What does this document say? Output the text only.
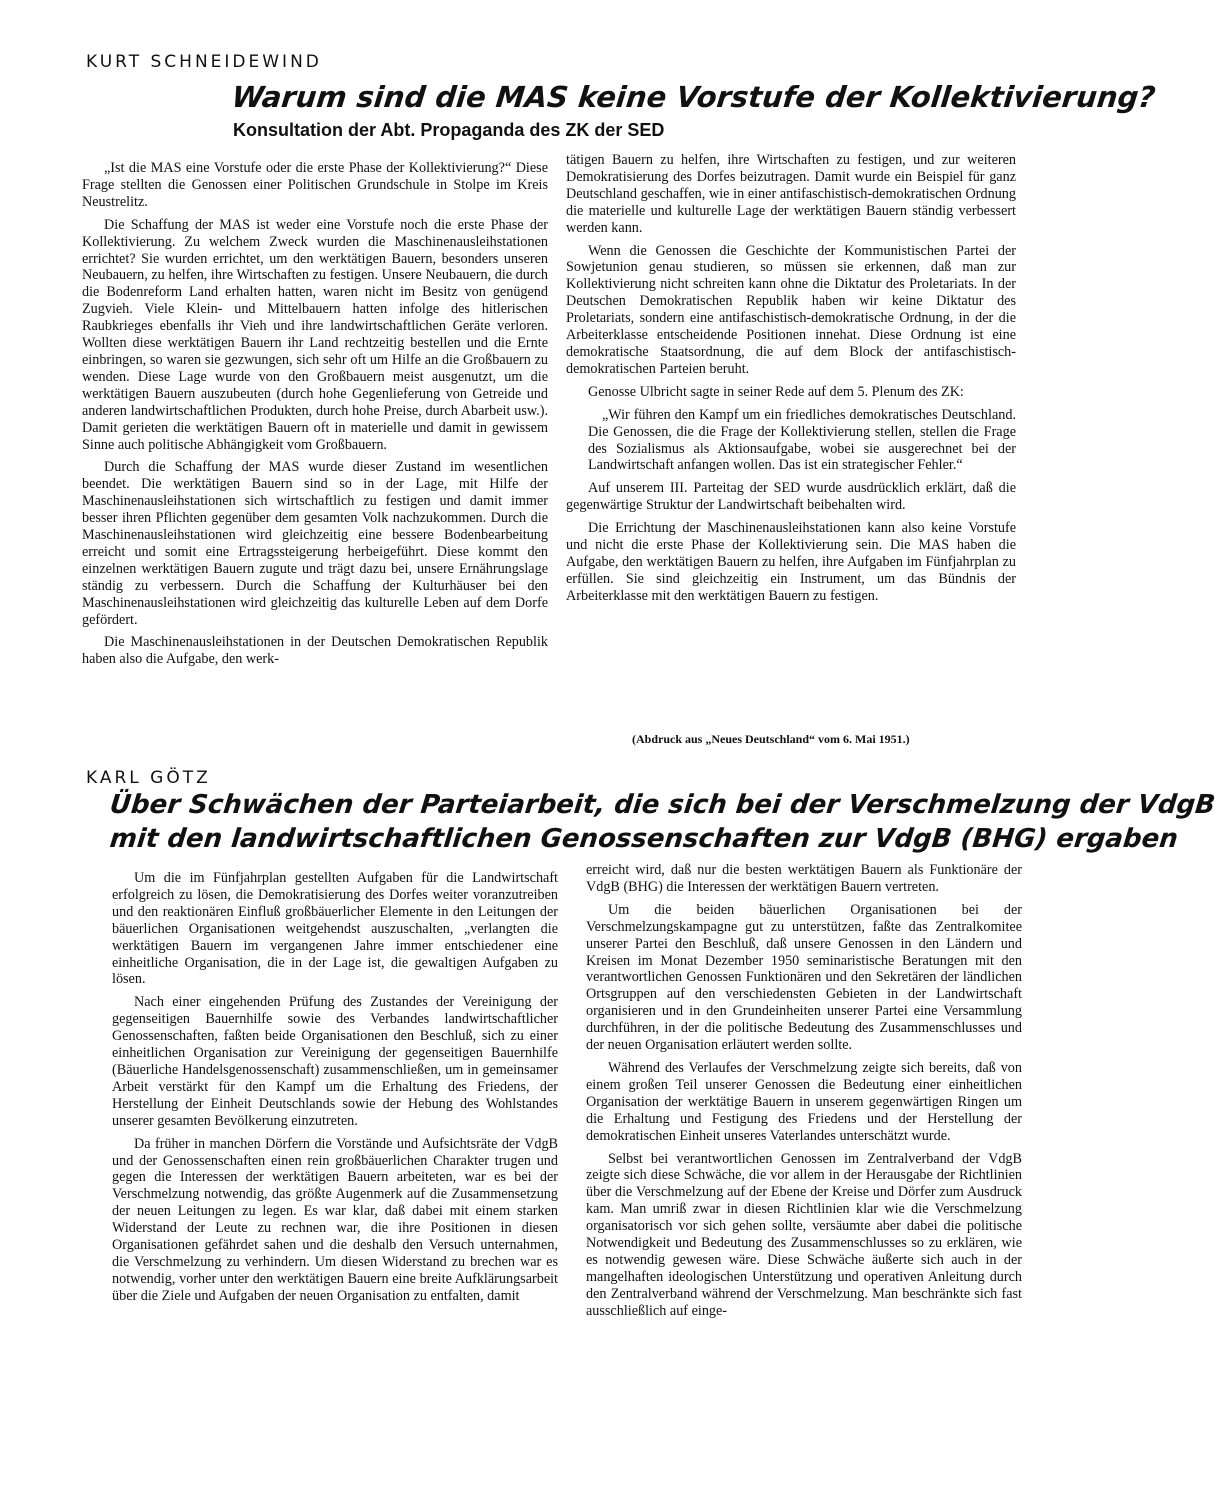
KURT SCHNEIDEWIND
Warum sind die MAS keine Vorstufe der Kollektivierung?
Konsultation der Abt. Propaganda des ZK der SED

„Ist die MAS eine Vorstufe oder die erste Phase der Kollektivierung?“ Diese Frage stellten die Genossen einer Politischen Grundschule in Stolpe im Kreis Neustrelitz.

Die Schaffung der MAS ist weder eine Vorstufe noch die erste Phase der Kollektivierung. Zu welchem Zweck wurden die Maschinenausleihstationen errichtet? Sie wurden errichtet, um den werktätigen Bauern, besonders unseren Neubauern, zu helfen, ihre Wirtschaften zu festigen. Unsere Neubauern, die durch die Bodenreform Land erhalten hatten, waren nicht im Besitz von genügend Zugvieh. Viele Klein- und Mittelbauern hatten infolge des hitlerischen Raubkrieges ebenfalls ihr Vieh und ihre landwirtschaftlichen Geräte verloren. Wollten diese werktätigen Bauern ihr Land rechtzeitig bestellen und die Ernte einbringen, so waren sie gezwungen, sich sehr oft um Hilfe an die Großbauern zu wenden. Diese Lage wurde von den Großbauern meist ausgenutzt, um die werktätigen Bauern auszubeuten (durch hohe Gegenlieferung von Getreide und anderen landwirtschaftlichen Produkten, durch hohe Preise, durch Abarbeit usw.). Damit gerieten die werktätigen Bauern oft in materielle und damit in gewissem Sinne auch politische Abhängigkeit vom Großbauern.

Durch die Schaffung der MAS wurde dieser Zustand im wesentlichen beendet. Die werktätigen Bauern sind so in der Lage, mit Hilfe der Maschinenausleihstationen sich wirtschaftlich zu festigen und damit immer besser ihren Pflichten gegenüber dem gesamten Volk nachzukommen. Durch die Maschinenausleihstationen wird gleichzeitig eine bessere Bodenbearbeitung erreicht und somit eine Ertragssteigerung herbeigeführt. Diese kommt den einzelnen werktätigen Bauern zugute und trägt dazu bei, unsere Ernährungslage ständig zu verbessern. Durch die Schaffung der Kulturhäuser bei den Maschinenausleihstationen wird gleichzeitig das kulturelle Leben auf dem Dorfe gefördert.

Die Maschinenausleihstationen in der Deutschen Demokratischen Republik haben also die Aufgabe, den werk-

tätigen Bauern zu helfen, ihre Wirtschaften zu festigen, und zur weiteren Demokratisierung des Dorfes beizutragen. Damit wurde ein Beispiel für ganz Deutschland geschaffen, wie in einer antifaschistisch-demokratischen Ordnung die materielle und kulturelle Lage der werktätigen Bauern ständig verbessert werden kann.

Wenn die Genossen die Geschichte der Kommunistischen Partei der Sowjetunion genau studieren, so müssen sie erkennen, daß man zur Kollektivierung nicht schreiten kann ohne die Diktatur des Proletariats. In der Deutschen Demokratischen Republik haben wir keine Diktatur des Proletariats, sondern eine antifaschistisch-demokratische Ordnung, in der die Arbeiterklasse entscheidende Positionen innehat. Diese Ordnung ist eine demokratische Staatsordnung, die auf dem Block der antifaschistisch-demokratischen Parteien beruht.

Genosse Ulbricht sagte in seiner Rede auf dem 5. Plenum des ZK:

„Wir führen den Kampf um ein friedliches demokratisches Deutschland. Die Genossen, die die Frage der Kollektivierung stellen, stellen die Frage des Sozialismus als Aktionsaufgabe, wobei sie ausgerechnet bei der Landwirtschaft anfangen wollen. Das ist ein strategischer Fehler.“

Auf unserem III. Parteitag der SED wurde ausdrücklich erklärt, daß die gegenwärtige Struktur der Landwirtschaft beibehalten wird.

Die Errichtung der Maschinenausleihstationen kann also keine Vorstufe und nicht die erste Phase der Kollektivierung sein. Die MAS haben die Aufgabe, den werktätigen Bauern zu helfen, ihre Aufgaben im Fünfjahrplan zu erfüllen. Sie sind gleichzeitig ein Instrument, um das Bündnis der Arbeiterklasse mit den werktätigen Bauern zu festigen.

(Abdruck aus „Neues Deutschland“ vom 6. Mai 1951.)
KARL GÖTZ
Über Schwächen der Parteiarbeit, die sich bei der Verschmelzung der VdgB
mit den landwirtschaftlichen Genossenschaften zur VdgB (BHG) ergaben

Um die im Fünfjahrplan gestellten Aufgaben für die Landwirtschaft erfolgreich zu lösen, die Demokratisierung des Dorfes weiter voranzutreiben und den reaktionären Einfluß großbäuerlicher Elemente in den Leitungen der bäuerlichen Organisationen weitgehendst auszuschalten, „verlangten die werktätigen Bauern im vergangenen Jahre immer entschiedener eine einheitliche Organisation, die in der Lage ist, die gewaltigen Aufgaben zu lösen.

Nach einer eingehenden Prüfung des Zustandes der Vereinigung der gegenseitigen Bauernhilfe sowie des Verbandes landwirtschaftlicher Genossenschaften, faßten beide Organisationen den Beschluß, sich zu einer einheitlichen Organisation zur Vereinigung der gegenseitigen Bauernhilfe (Bäuerliche Handelsgenossenschaft) zusammenschließen, um in gemeinsamer Arbeit verstärkt für den Kampf um die Erhaltung des Friedens, der Herstellung der Einheit Deutschlands sowie der Hebung des Wohlstandes unserer gesamten Bevölkerung einzutreten.

Da früher in manchen Dörfern die Vorstände und Aufsichtsräte der VdgB und der Genossenschaften einen rein großbäuerlichen Charakter trugen und gegen die Interessen der werktätigen Bauern arbeiteten, war es bei der Verschmelzung notwendig, das größte Augenmerk auf die Zusammensetzung der neuen Leitungen zu legen. Es war klar, daß dabei mit einem starken Widerstand der Leute zu rechnen war, die ihre Positionen in diesen Organisationen gefährdet sahen und die deshalb den Versuch unternahmen, die Verschmelzung zu verhindern. Um diesen Widerstand zu brechen war es notwendig, vorher unter den werktätigen Bauern eine breite Aufklärungsarbeit über die Ziele und Aufgaben der neuen Organisation zu entfalten, damit

erreicht wird, daß nur die besten werktätigen Bauern als Funktionäre der VdgB (BHG) die Interessen der werktätigen Bauern vertreten.

Um die beiden bäuerlichen Organisationen bei der Verschmelzungskampagne gut zu unterstützen, faßte das Zentralkomitee unserer Partei den Beschluß, daß unsere Genossen in den Ländern und Kreisen im Monat Dezember 1950 seminaristische Beratungen mit den verantwortlichen Genossen Funktionären und den Sekretären der ländlichen Ortsgruppen auf den verschiedensten Gebieten in der Landwirtschaft organisieren und in den Grundeinheiten unserer Partei eine Versammlung durchführen, in der die politische Bedeutung des Zusammenschlusses und der neuen Organisation erläutert werden sollte.

Während des Verlaufes der Verschmelzung zeigte sich bereits, daß von einem großen Teil unserer Genossen die Bedeutung einer einheitlichen Organisation der werktätige Bauern in unserem gegenwärtigen Ringen um die Erhaltung und Festigung des Friedens und der Herstellung der demokratischen Einheit unseres Vaterlandes unterschätzt wurde.

Selbst bei verantwortlichen Genossen im Zentralverband der VdgB zeigte sich diese Schwäche, die vor allem in der Herausgabe der Richtlinien über die Verschmelzung auf der Ebene der Kreise und Dörfer zum Ausdruck kam. Man umriß zwar in diesen Richtlinien klar wie die Verschmelzung organisatorisch vor sich gehen sollte, versäumte aber dabei die politische Notwendigkeit und Bedeutung des Zusammenschlusses so zu erklären, wie es notwendig gewesen wäre. Diese Schwäche äußerte sich auch in der mangelhaften ideologischen Unterstützung und operativen Anleitung durch den Zentralverband während der Verschmelzung. Man beschränkte sich fast ausschließlich auf einge-
